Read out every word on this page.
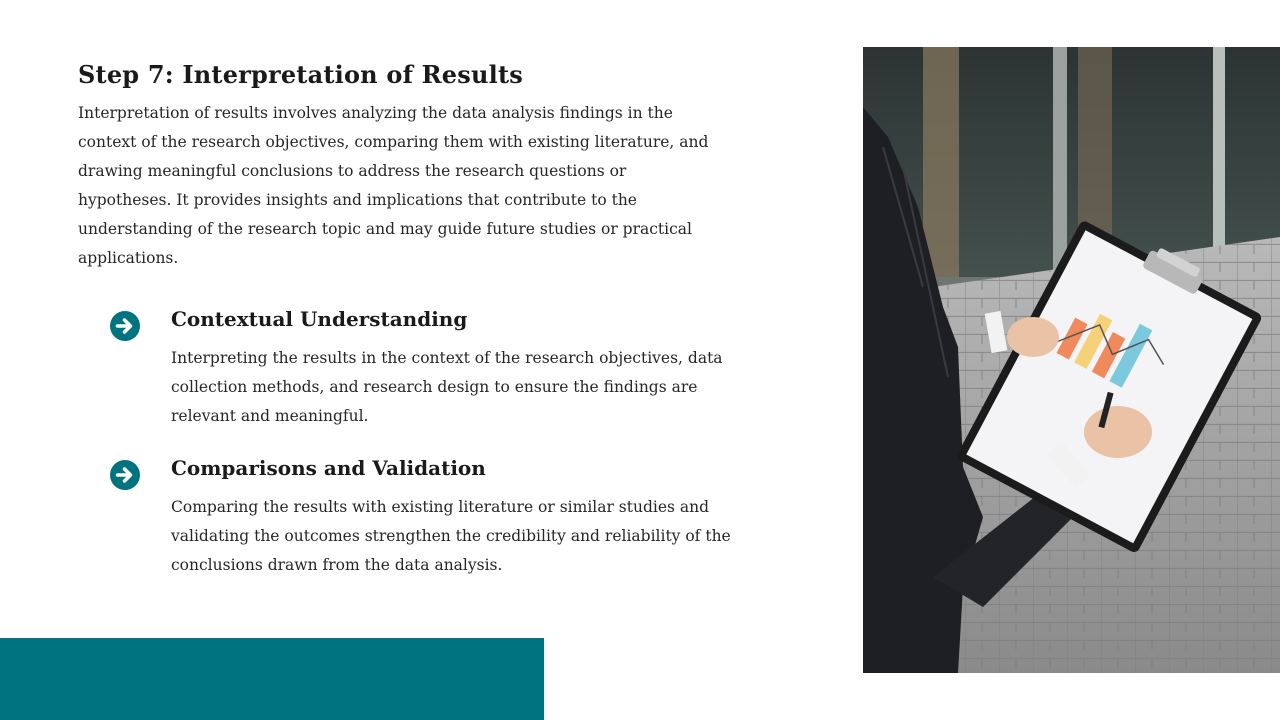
Step 7: Interpretation of Results

Interpretation of results involves analyzing the data analysis findings in the context of the research objectives, comparing them with existing literature, and drawing meaningful conclusions to address the research questions or hypotheses. It provides insights and implications that contribute to the understanding of the research topic and may guide future studies or practical applications.

Contextual Understanding

Interpreting the results in the context of the research objectives, data collection methods, and research design to ensure the findings are relevant and meaningful.

Comparisons and Validation

Comparing the results with existing literature or similar studies and validating the outcomes strengthen the credibility and reliability of the conclusions drawn from the data analysis.
